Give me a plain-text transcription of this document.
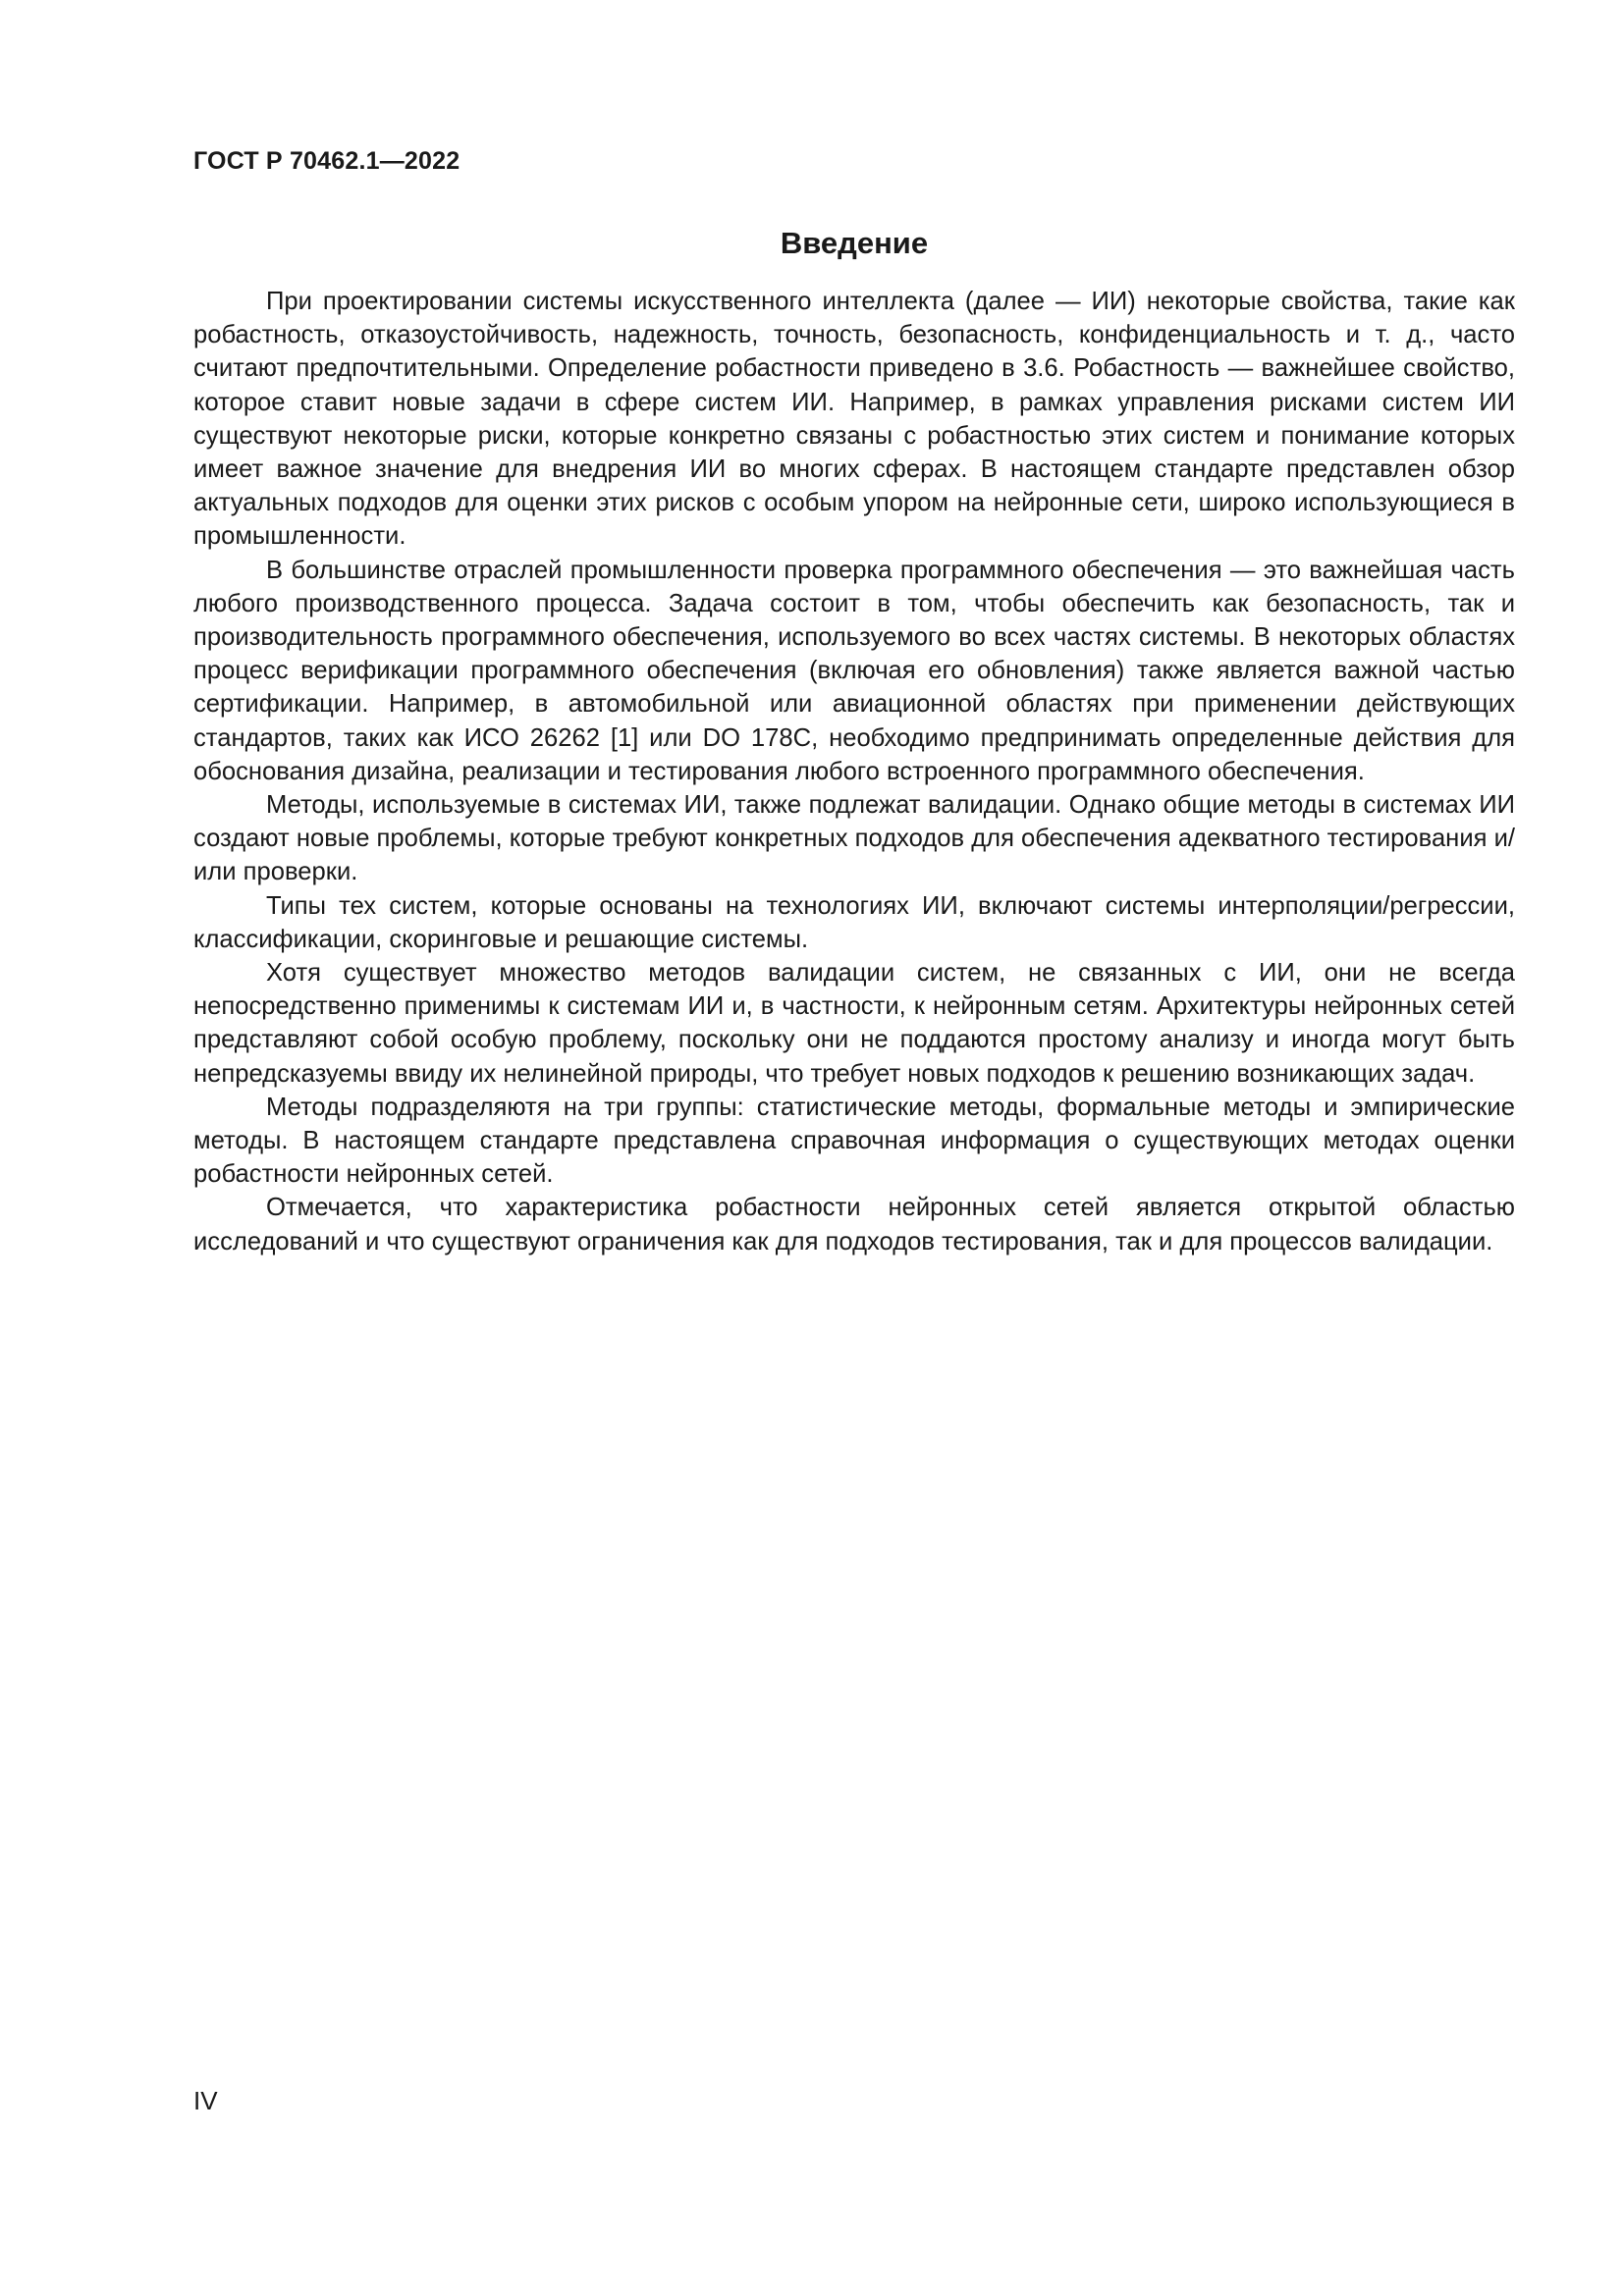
ГОСТ Р 70462.1—2022
Введение

При проектировании системы искусственного интеллекта (далее — ИИ) некоторые свойства, такие как робастность, отказоустойчивость, надежность, точность, безопасность, конфиденциальность и т. д., часто считают предпочтительными. Определение робастности приведено в 3.6. Робастность — важнейшее свойство, которое ставит новые задачи в сфере систем ИИ. Например, в рамках управления рисками систем ИИ существуют некоторые риски, которые конкретно связаны с робастностью этих систем и понимание которых имеет важное значение для внедрения ИИ во многих сферах. В настоящем стандарте представлен обзор актуальных подходов для оценки этих рисков с особым упором на нейронные сети, широко использующиеся в промышленности.

В большинстве отраслей промышленности проверка программного обеспечения — это важнейшая часть любого производственного процесса. Задача состоит в том, чтобы обеспечить как безопасность, так и производительность программного обеспечения, используемого во всех частях системы. В некоторых областях процесс верификации программного обеспечения (включая его обновления) также является важной частью сертификации. Например, в автомобильной или авиационной областях при применении действующих стандартов, таких как ИСО 26262 [1] или DO 178C, необходимо предпринимать определенные действия для обоснования дизайна, реализации и тестирования любого встроенного программного обеспечения.

Методы, используемые в системах ИИ, также подлежат валидации. Однако общие методы в системах ИИ создают новые проблемы, которые требуют конкретных подходов для обеспечения адекватного тестирования и/или проверки.

Типы тех систем, которые основаны на технологиях ИИ, включают системы интерполяции/регрессии, классификации, скоринговые и решающие системы.

Хотя существует множество методов валидации систем, не связанных с ИИ, они не всегда непосредственно применимы к системам ИИ и, в частности, к нейронным сетям. Архитектуры нейронных сетей представляют собой особую проблему, поскольку они не поддаются простому анализу и иногда могут быть непредсказуемы ввиду их нелинейной природы, что требует новых подходов к решению возникающих задач.

Методы подразделяютя на три группы: статистические методы, формальные методы и эмпирические методы. В настоящем стандарте представлена справочная информация о существующих методах оценки робастности нейронных сетей.

Отмечается, что характеристика робастности нейронных сетей является открытой областью исследований и что существуют ограничения как для подходов тестирования, так и для процессов валидации.

IV
